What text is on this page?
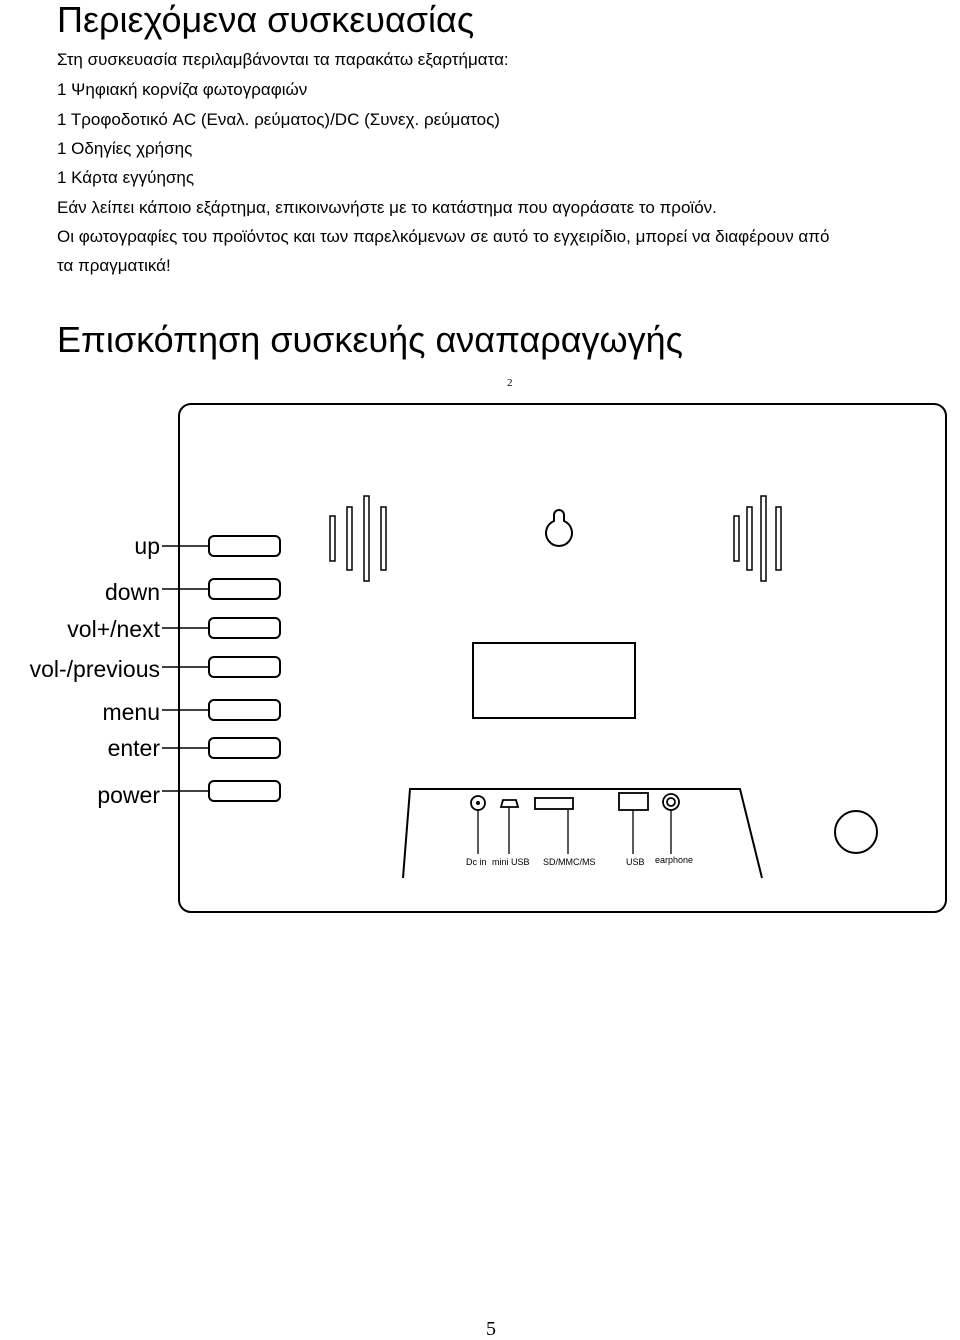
Περιεχόμενα συσκευασίας
Στη συσκευασία περιλαμβάνονται τα παρακάτω εξαρτήματα:
1 Ψηφιακή κορνίζα φωτογραφιών
1 Τροφοδοτικό AC (Εναλ. ρεύματος)/DC (Συνεχ. ρεύματος)
1 Οδηγίες χρήσης
1 Κάρτα εγγύησης
Εάν λείπει κάποιο εξάρτημα, επικοινωνήστε με το κατάστημα που αγοράσατε το προϊόν.
Οι φωτογραφίες του προϊόντος και των παρελκόμενων σε αυτό το εγχειρίδιο, μπορεί να διαφέρουν από
τα πραγματικά!
Επισκόπηση συσκευής αναπαραγωγής
2
up
down
vol+/next
vol-/previous
menu
enter
power
Dc in mini USB SD/MMC/MS	USB earphone
5
